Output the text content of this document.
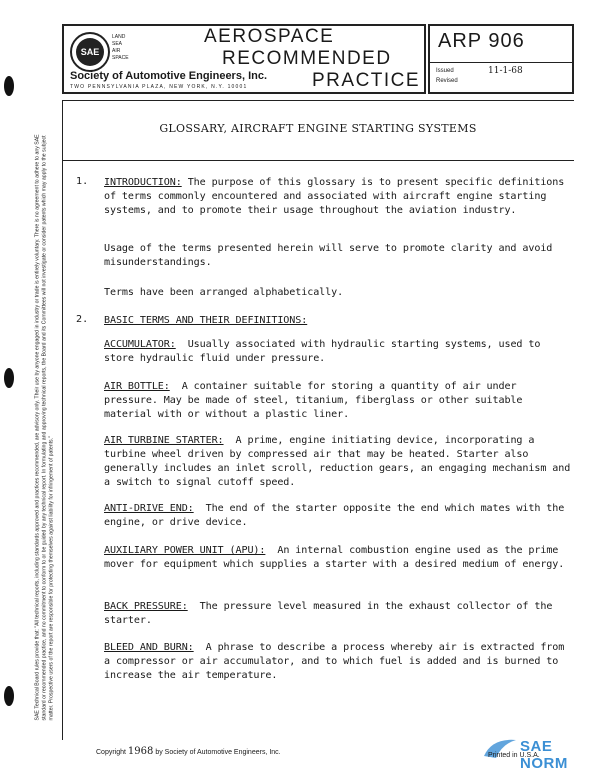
SAE
LAND
SEA
AIR
SPACE
AEROSPACE
RECOMMENDED
PRACTICE
Society of Automotive Engineers, Inc.
TWO PENNSYLVANIA PLAZA, NEW YORK, N.Y. 10001
ARP 906
Issued	11-1-68
Revised
GLOSSARY, AIRCRAFT ENGINE STARTING SYSTEMS
SAE Technical Board rules provide that: "All technical reports, including standards approved and practices recommended, are advisory only. Their use by anyone engaged in industry or trade is entirely voluntary. There is no agreement to adhere to any SAE standard or recommended practice, and no commitment to conform to or be guided by any technical report. In formulating and approving technical reports, the Board and its Committees will not investigate or consider patents which may apply to the subject matter. Prospective users of the report are responsible for protecting themselves against liability for infringement of patents."
1. INTRODUCTION: The purpose of this glossary is to present specific definitions of terms commonly encountered and associated with aircraft engine starting systems, and to promote their usage throughout the aviation industry.
Usage of the terms presented herein will serve to promote clarity and avoid misunderstandings.
Terms have been arranged alphabetically.
2. BASIC TERMS AND THEIR DEFINITIONS:
ACCUMULATOR: Usually associated with hydraulic starting systems, used to store hydraulic fluid under pressure.
AIR BOTTLE: A container suitable for storing a quantity of air under pressure. May be made of steel, titanium, fiberglass or other suitable material with or without a plastic liner.
AIR TURBINE STARTER: A prime, engine initiating device, incorporating a turbine wheel driven by compressed air that may be heated. Starter also generally includes an inlet scroll, reduction gears, an engaging mechanism and a switch to signal cutoff speed.
ANTI-DRIVE END: The end of the starter opposite the end which mates with the engine, or drive device.
AUXILIARY POWER UNIT (APU): An internal combustion engine used as the prime mover for equipment which supplies a starter with a desired medium of energy.
BACK PRESSURE: The pressure level measured in the exhaust collector of the starter.
BLEED AND BURN: A phrase to describe a process whereby air is extracted from a compressor or air accumulator, and to which fuel is added and is burned to increase the air temperature.
Copyright 1968 by Society of Automotive Engineers, Inc.	SAE NORM
Printed in U.S.A.
